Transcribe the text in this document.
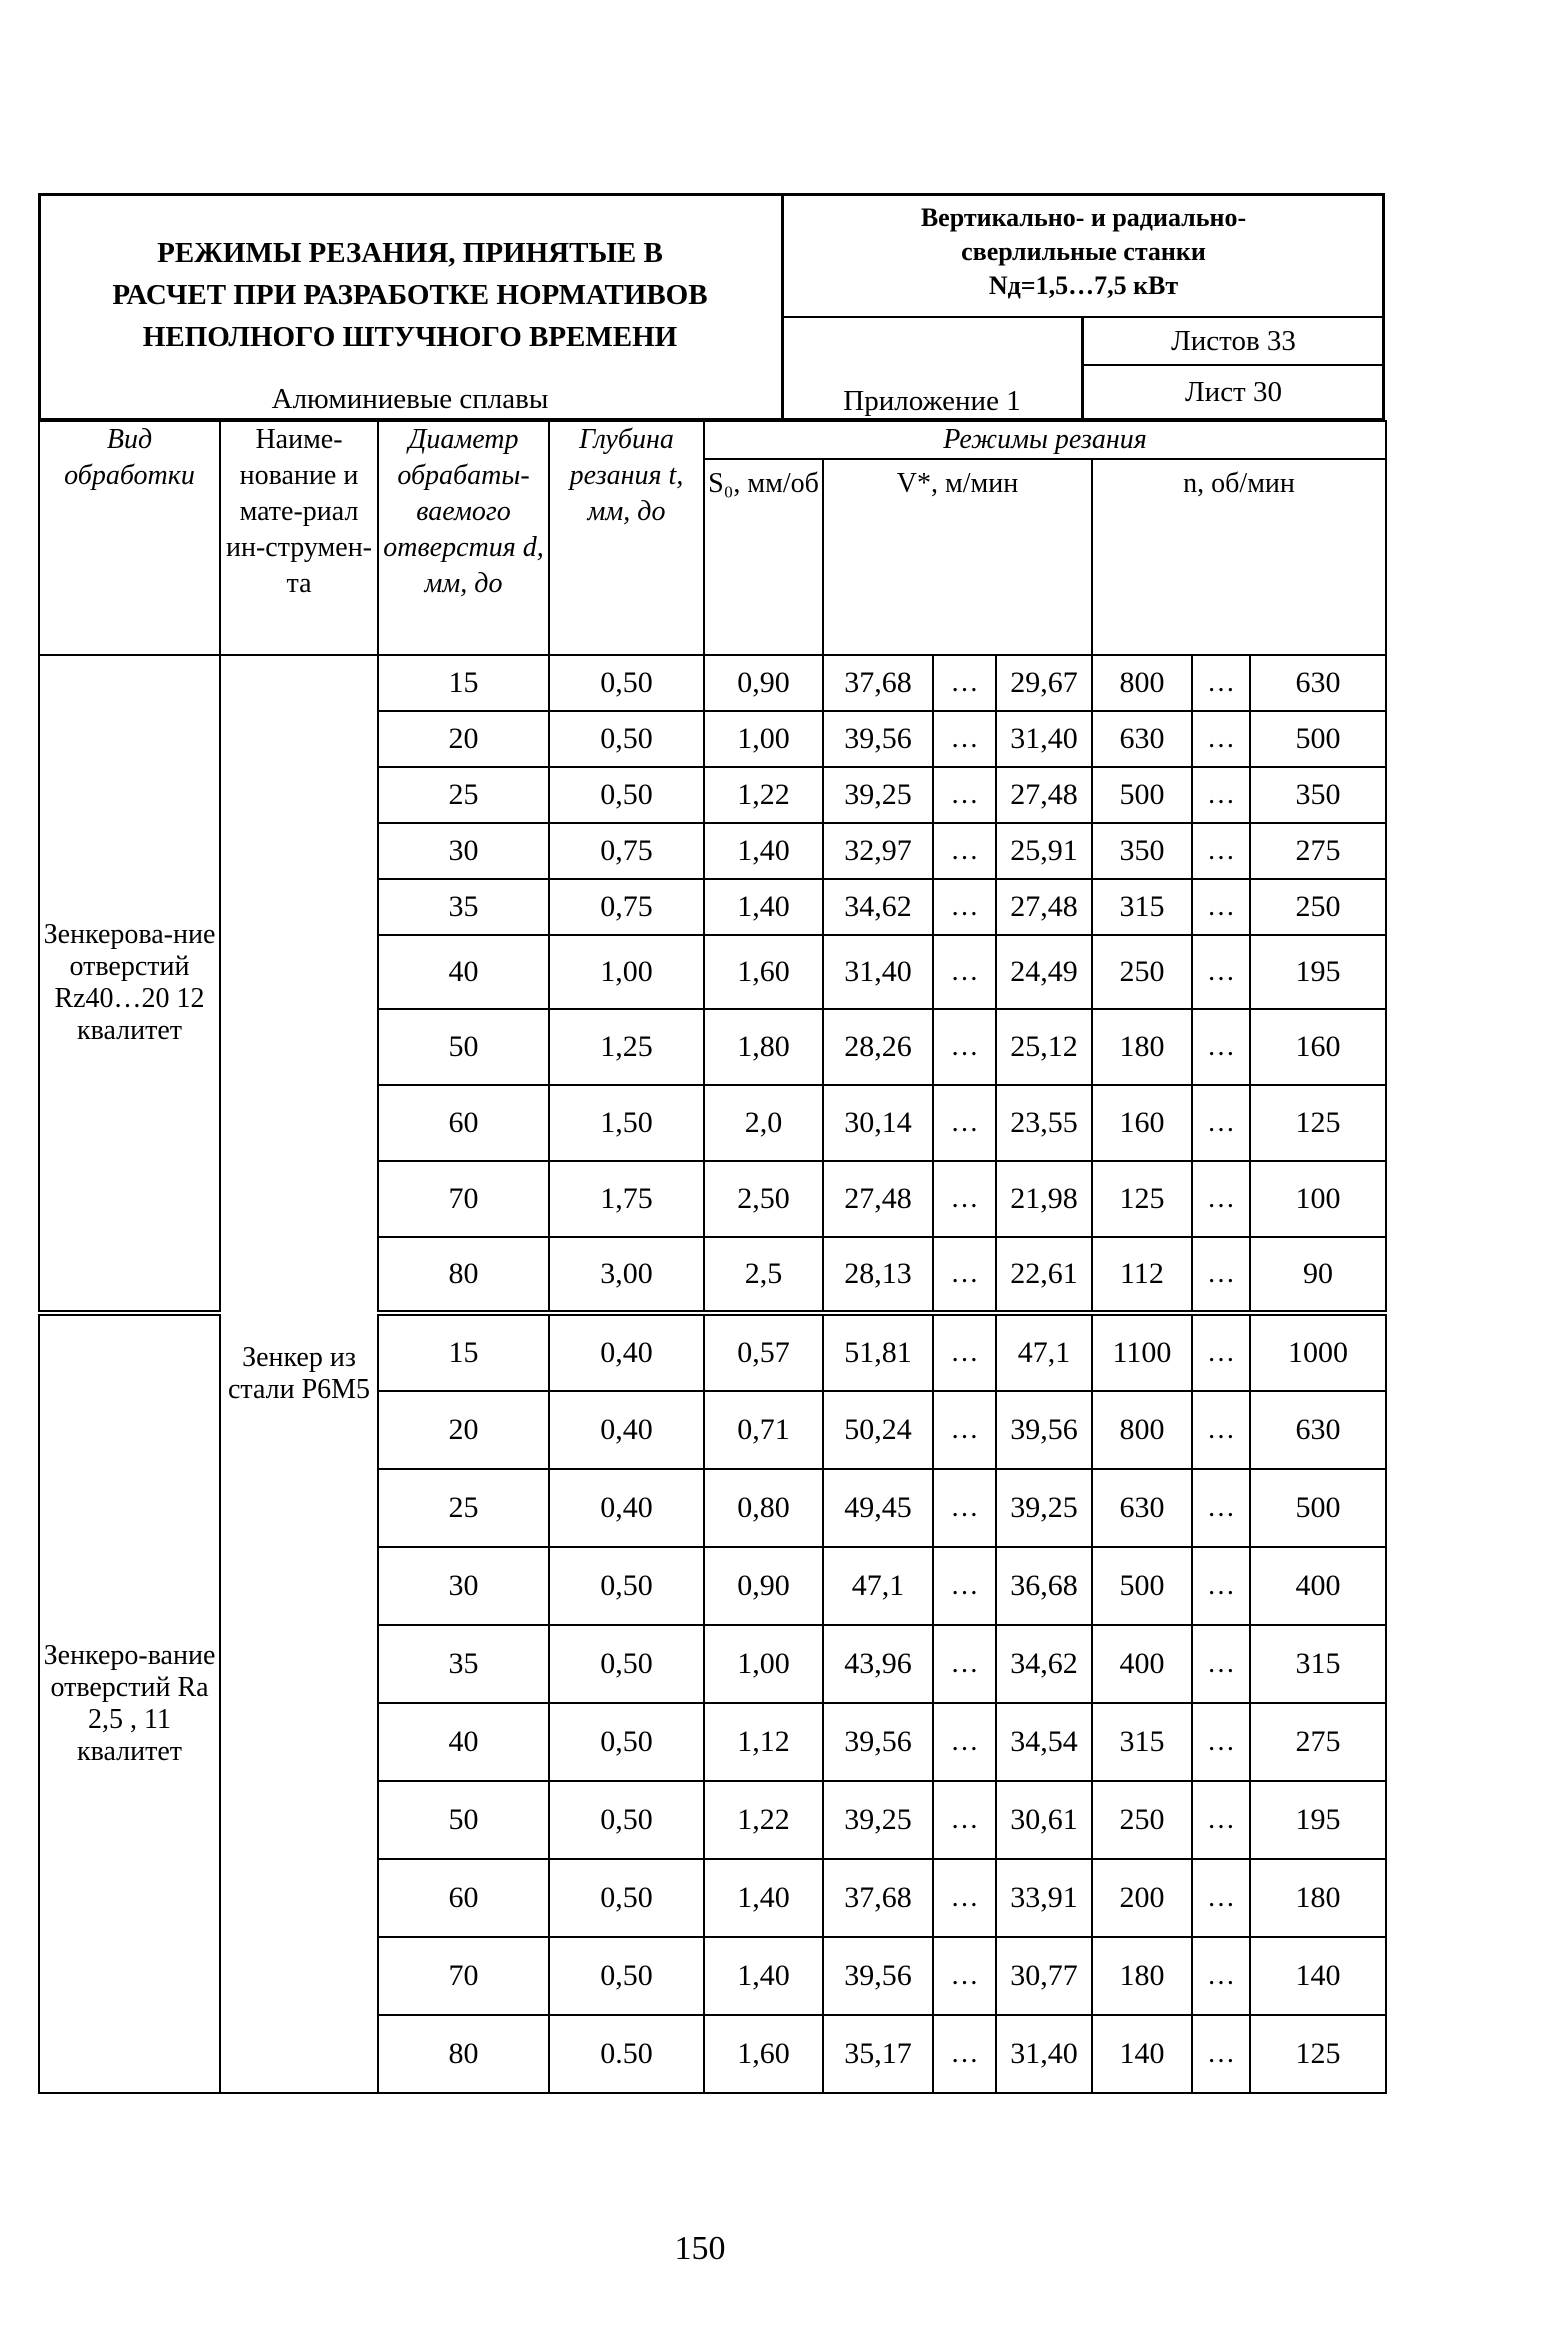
РЕЖИМЫ РЕЗАНИЯ, ПРИНЯТЫЕ В
РАСЧЕТ ПРИ РАЗРАБОТКЕ НОРМАТИВОВ
НЕПОЛНОГО ШТУЧНОГО ВРЕМЕНИ
Алюминиевые сплавы
Вертикально- и радиально-
сверлильные станки
Nд=1,5…7,5 кВт
Приложение 1
Листов 33
Лист 30
Вид обработки	Наиме-нование и мате-риал ин-струмен-та	Диаметр обрабаты-ваемого отверстия d, мм, до	Глубина резания t, мм, до	Режимы резания						
				S₀, мм/об	V*, м/мин			n, об/мин		
Зенкерова-ние отверстий Rz40…20 12 квалитет	Зенкер из стали Р6М5	15	0,50	0,90	37,68	…	29,67	800	…	630
		20	0,50	1,00	39,56	…	31,40	630	…	500
		25	0,50	1,22	39,25	…	27,48	500	…	350
		30	0,75	1,40	32,97	…	25,91	350	…	275
		35	0,75	1,40	34,62	…	27,48	315	…	250
		40	1,00	1,60	31,40	…	24,49	250	…	195
		50	1,25	1,80	28,26	…	25,12	180	…	160
		60	1,50	2,0	30,14	…	23,55	160	…	125
		70	1,75	2,50	27,48	…	21,98	125	…	100
		80	3,00	2,5	28,13	…	22,61	112	…	90
Зенкеро-вание отверстий Ra 2,5 , 11 квалитет		15	0,40	0,57	51,81	…	47,1	1100	…	1000
		20	0,40	0,71	50,24	…	39,56	800	…	630
		25	0,40	0,80	49,45	…	39,25	630	…	500
		30	0,50	0,90	47,1	…	36,68	500	…	400
		35	0,50	1,00	43,96	…	34,62	400	…	315
		40	0,50	1,12	39,56	…	34,54	315	…	275
		50	0,50	1,22	39,25	…	30,61	250	…	195
		60	0,50	1,40	37,68	…	33,91	200	…	180
		70	0,50	1,40	39,56	…	30,77	180	…	140
		80	0.50	1,60	35,17	…	31,40	140	…	125
150
